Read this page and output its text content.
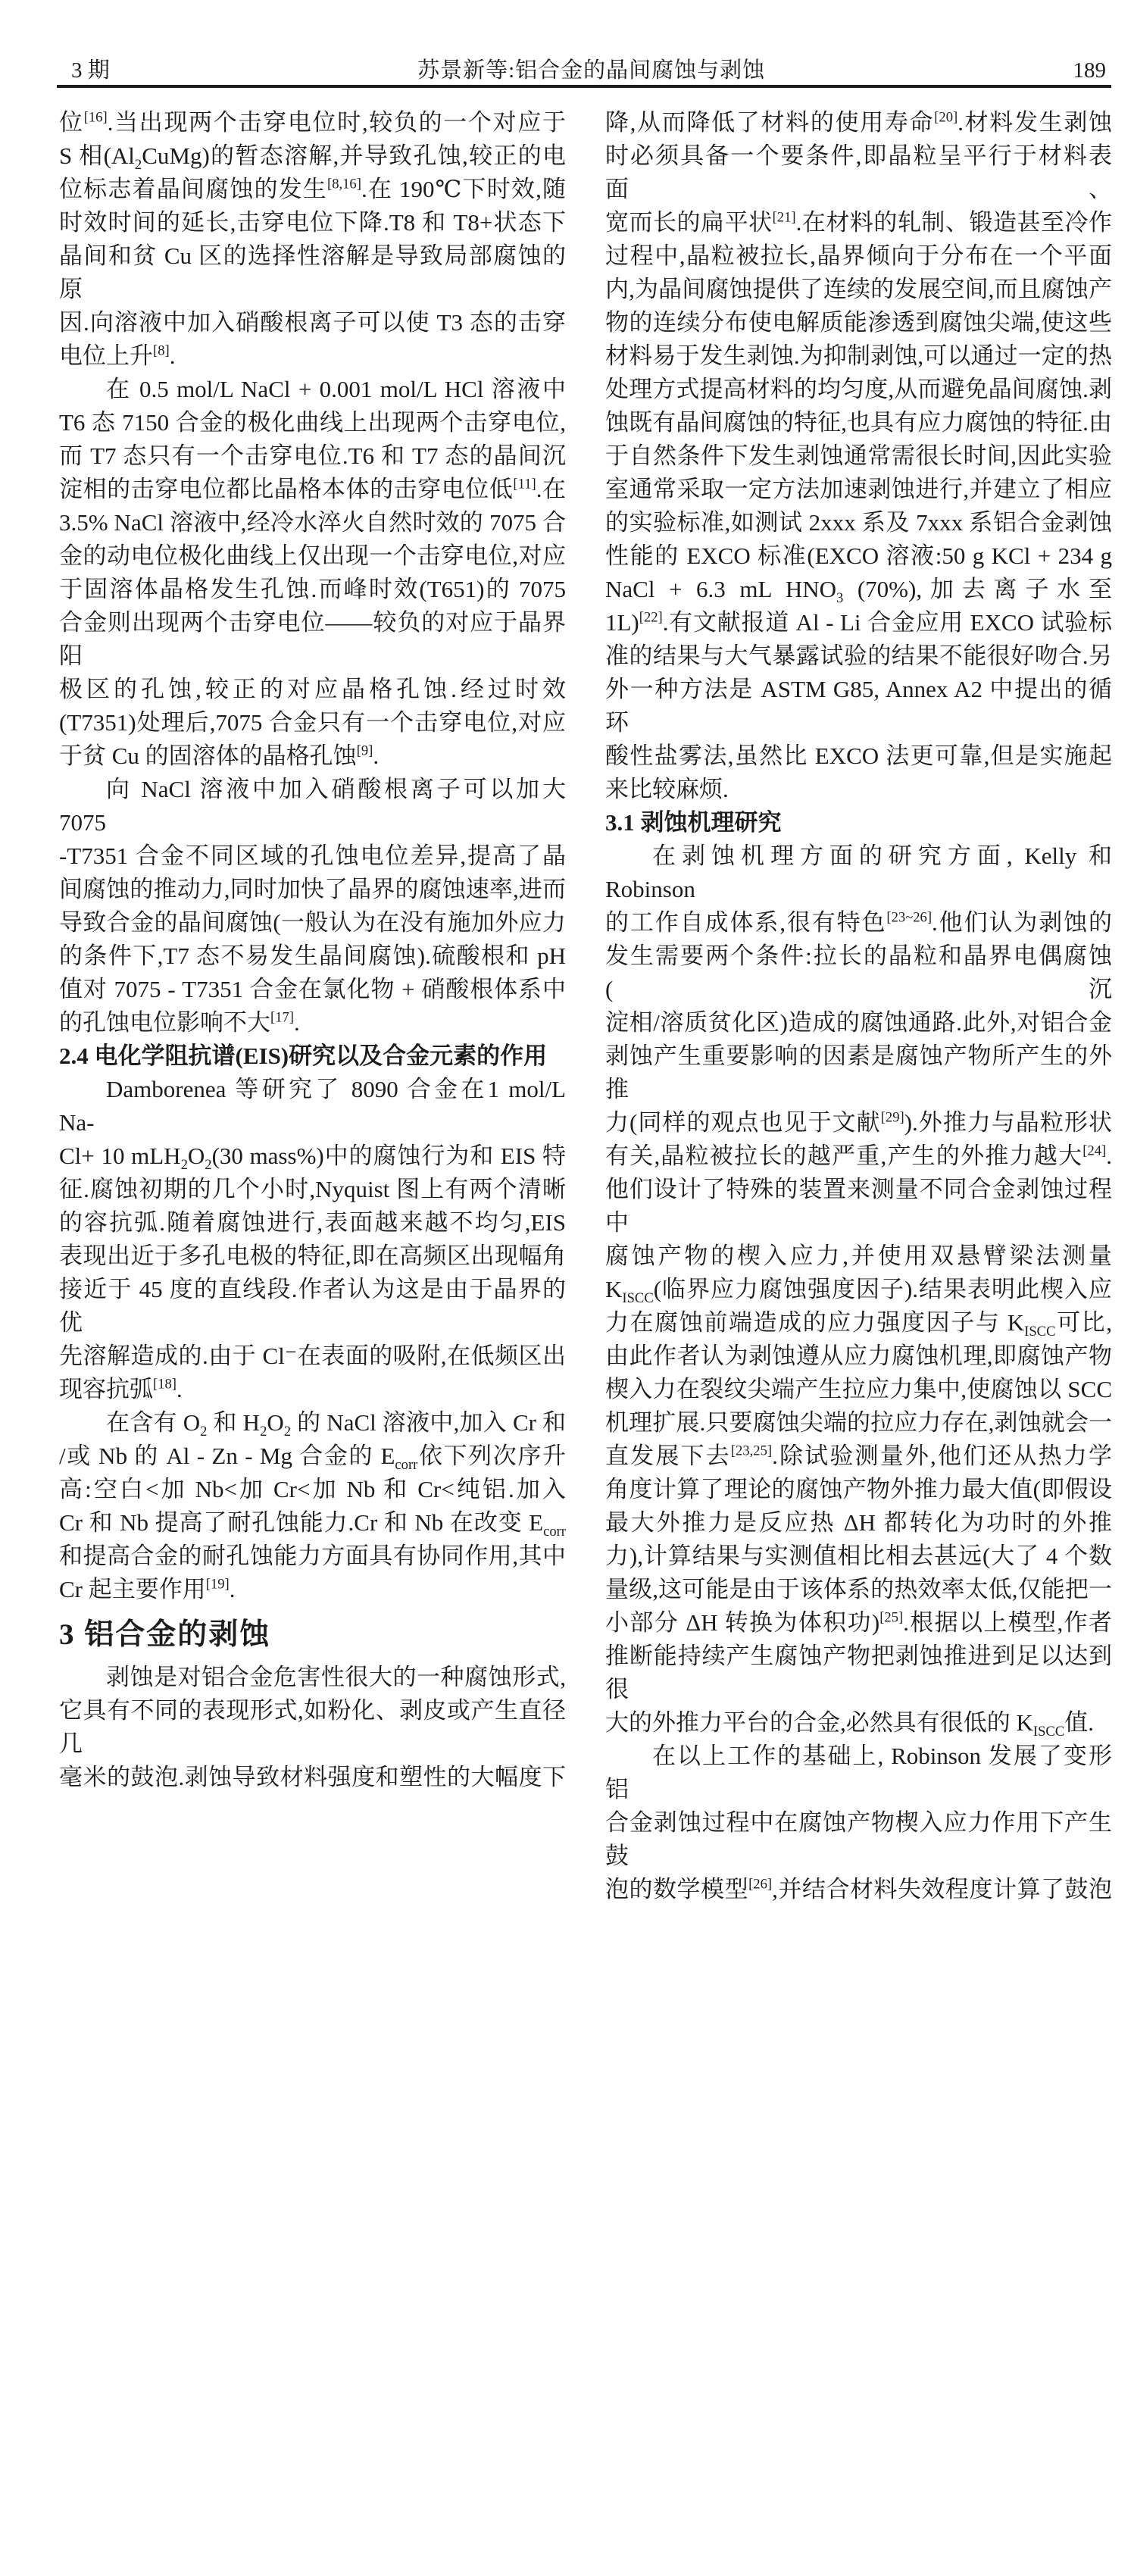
3 期	苏景新等:铝合金的晶间腐蚀与剥蚀	189
位[16].当出现两个击穿电位时,较负的一个对应于
S 相$(Al_2CuMg)$的暂态溶解,并导致孔蚀,较正的电
位标志着晶间腐蚀的发生[8,16].在 190℃下时效,随
时效时间的延长,击穿电位下降.T8 和 T8+状态下
晶间和贫 Cu 区的选择性溶解是导致局部腐蚀的原
因.向溶液中加入硝酸根离子可以使 T3 态的击穿
电位上升[8].
在 0.5 mol/L NaCl + 0.001 mol/L HCl 溶液中
T6 态 7150 合金的极化曲线上出现两个击穿电位,
而 T7 态只有一个击穿电位.T6 和 T7 态的晶间沉
淀相的击穿电位都比晶格本体的击穿电位低[11].在
3.5% NaCl 溶液中,经冷水淬火自然时效的 7075 合
金的动电位极化曲线上仅出现一个击穿电位,对应
于固溶体晶格发生孔蚀.而峰时效(T651)的 7075
合金则出现两个击穿电位——较负的对应于晶界阳
极区的孔蚀,较正的对应晶格孔蚀.经过时效
(T7351)处理后,7075 合金只有一个击穿电位,对应
于贫 Cu 的固溶体的晶格孔蚀[9].
向 NaCl 溶液中加入硝酸根离子可以加大 7075
-T7351 合金不同区域的孔蚀电位差异,提高了晶
间腐蚀的推动力,同时加快了晶界的腐蚀速率,进而
导致合金的晶间腐蚀(一般认为在没有施加外应力
的条件下,T7 态不易发生晶间腐蚀).硫酸根和 pH
值对 7075 - T7351 合金在氯化物 + 硝酸根体系中
的孔蚀电位影响不大[17].
2.4 电化学阻抗谱(EIS)研究以及合金元素的作用
Damborenea 等研究了 8090 合金在1 mol/L Na-
Cl+ 10 $mLH_2O_2(30$ mass%)中的腐蚀行为和 EIS 特
征.腐蚀初期的几个小时,Nyquist 图上有两个清晰
的容抗弧.随着腐蚀进行,表面越来越不均匀,EIS
表现出近于多孔电极的特征,即在高频区出现幅角
接近于 45 度的直线段.作者认为这是由于晶界的优
先溶解造成的.由于 Cl⁻在表面的吸附,在低频区出
现容抗弧[18].
在含有 $O_2$ 和 $H_2O_2$ 的 NaCl 溶液中,加入 Cr 和
/或 Nb 的 Al - Zn - Mg 合金的 $E_{corr}$依下列次序升
高:空白<加 Nb<加 Cr<加 Nb 和 Cr<纯铝.加入
Cr 和 Nb 提高了耐孔蚀能力.Cr 和 Nb 在改变 $E_{corr}$
和提高合金的耐孔蚀能力方面具有协同作用,其中
Cr 起主要作用[19].
3 铝合金的剥蚀
剥蚀是对铝合金危害性很大的一种腐蚀形式,
它具有不同的表现形式,如粉化、剥皮或产生直径几
毫米的鼓泡.剥蚀导致材料强度和塑性的大幅度下
降,从而降低了材料的使用寿命[20].材料发生剥蚀
时必须具备一个要条件,即晶粒呈平行于材料表面、
宽而长的扁平状[21].在材料的轧制、锻造甚至冷作
过程中,晶粒被拉长,晶界倾向于分布在一个平面
内,为晶间腐蚀提供了连续的发展空间,而且腐蚀产
物的连续分布使电解质能渗透到腐蚀尖端,使这些
材料易于发生剥蚀.为抑制剥蚀,可以通过一定的热
处理方式提高材料的均匀度,从而避免晶间腐蚀.剥
蚀既有晶间腐蚀的特征,也具有应力腐蚀的特征.由
于自然条件下发生剥蚀通常需很长时间,因此实验
室通常采取一定方法加速剥蚀进行,并建立了相应
的实验标准,如测试 2xxx 系及 7xxx 系铝合金剥蚀
性能的 EXCO 标准(EXCO 溶液:50 g KCl + 234 g
NaCl + 6.3 mL $HNO_3$ (70%),加去离子水至
1L)[22].有文献报道 Al - Li 合金应用 EXCO 试验标
准的结果与大气暴露试验的结果不能很好吻合.另
外一种方法是 ASTM G85, Annex A2 中提出的循环
酸性盐雾法,虽然比 EXCO 法更可靠,但是实施起
来比较麻烦.
3.1 剥蚀机理研究
在剥蚀机理方面的研究方面, Kelly 和 Robinson
的工作自成体系,很有特色[23~26].他们认为剥蚀的
发生需要两个条件:拉长的晶粒和晶界电偶腐蚀(沉
淀相/溶质贫化区)造成的腐蚀通路.此外,对铝合金
剥蚀产生重要影响的因素是腐蚀产物所产生的外推
力(同样的观点也见于文献[29]).外推力与晶粒形状
有关,晶粒被拉长的越严重,产生的外推力越大[24].
他们设计了特殊的装置来测量不同合金剥蚀过程中
腐蚀产物的楔入应力,并使用双悬臂梁法测量
$K_{ISCC}$(临界应力腐蚀强度因子).结果表明此楔入应
力在腐蚀前端造成的应力强度因子与 $K_{ISCC}$可比,
由此作者认为剥蚀遵从应力腐蚀机理,即腐蚀产物
楔入力在裂纹尖端产生拉应力集中,使腐蚀以 SCC
机理扩展.只要腐蚀尖端的拉应力存在,剥蚀就会一
直发展下去[23,25].除试验测量外,他们还从热力学
角度计算了理论的腐蚀产物外推力最大值(即假设
最大外推力是反应热 ΔH 都转化为功时的外推
力),计算结果与实测值相比相去甚远(大了 4 个数
量级,这可能是由于该体系的热效率太低,仅能把一
小部分 ΔH 转换为体积功)[25].根据以上模型,作者
推断能持续产生腐蚀产物把剥蚀推进到足以达到很
大的外推力平台的合金,必然具有很低的 $K_{ISCC}$值.
在以上工作的基础上, Robinson 发展了变形铝
合金剥蚀过程中在腐蚀产物楔入应力作用下产生鼓
泡的数学模型[26],并结合材料失效程度计算了鼓泡
